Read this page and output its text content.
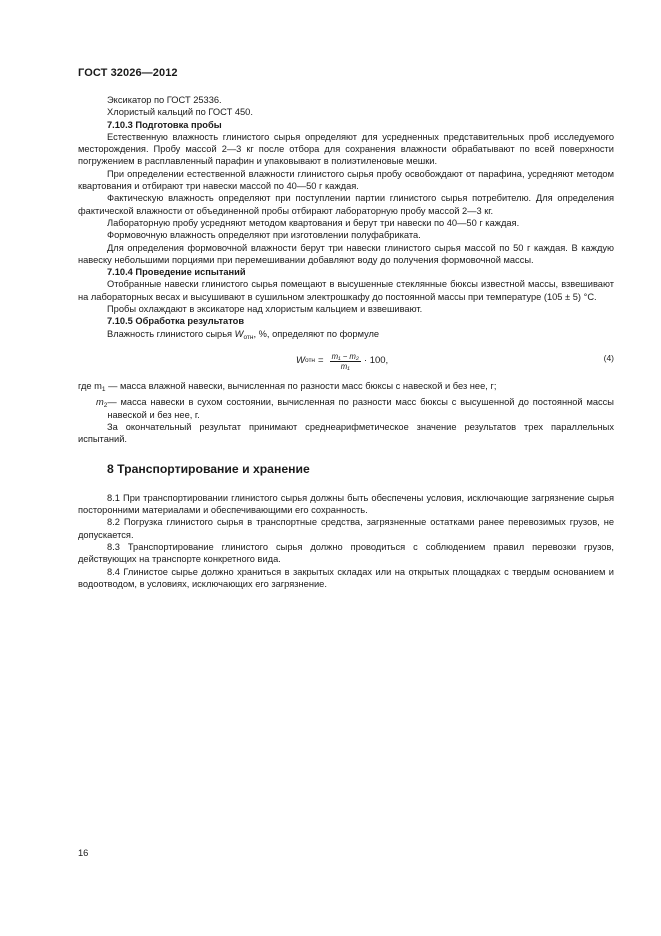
ГОСТ 32026—2012

Эксикатор по ГОСТ 25336.

Хлористый кальций по ГОСТ 450.

7.10.3 Подготовка пробы

Естественную влажность глинистого сырья определяют для усредненных представительных проб исследуемого месторождения. Пробу массой 2—3 кг после отбора для сохранения влажности обрабатывают по всей поверхности погружением в расплавленный парафин и упаковывают в полиэтиленовые мешки.

При определении естественной влажности глинистого сырья пробу освобождают от парафина, усредняют методом квартования и отбирают три навески массой по 40—50 г каждая.

Фактическую влажность определяют при поступлении партии глинистого сырья потребителю. Для определения фактической влажности от объединенной пробы отбирают лабораторную пробу массой 2—3 кг.

Лабораторную пробу усредняют методом квартования и берут три навески по 40—50 г каждая.

Формовочную влажность определяют при изготовлении полуфабриката.

Для определения формовочной влажности берут три навески глинистого сырья массой по 50 г каждая. В каждую навеску небольшими порциями при перемешивании добавляют воду до получения формовочной массы.

7.10.4 Проведение испытаний

Отобранные навески глинистого сырья помещают в высушенные стеклянные бюксы известной массы, взвешивают на лабораторных весах и высушивают в сушильном электрошкафу до постоянной массы при температуре (105 ± 5) °С.

Пробы охлаждают в эксикаторе над хлористым кальцием и взвешивают.

7.10.5 Обработка результатов

Влажность глинистого сырья $W_{отн}$, %, определяют по формуле

W отн = $\frac{\text{m₁ − m₂}}{\text{m₁}} \cdot 100$,	(4)

где $m_1$ — масса влажной навески, вычисленная по разности масс бюксы с навеской и без нее, г;

$m_2$ — масса навески в сухом состоянии, вычисленная по разности масс бюксы с высушенной до постоянной массы навеской и без нее, г.

За окончательный результат принимают среднеарифметическое значение результатов трех параллельных испытаний.

8 Транспортирование и хранение

8.1 При транспортировании глинистого сырья должны быть обеспечены условия, исключающие загрязнение сырья посторонними материалами и обеспечивающими его сохранность.

8.2 Погрузка глинистого сырья в транспортные средства, загрязненные остатками ранее перевозимых грузов, не допускается.

8.3 Транспортирование глинистого сырья должно проводиться с соблюдением правил перевозки грузов, действующих на транспорте конкретного вида.

8.4 Глинистое сырье должно храниться в закрытых складах или на открытых площадках с твердым основанием и водоотводом, в условиях, исключающих его загрязнение.

16
